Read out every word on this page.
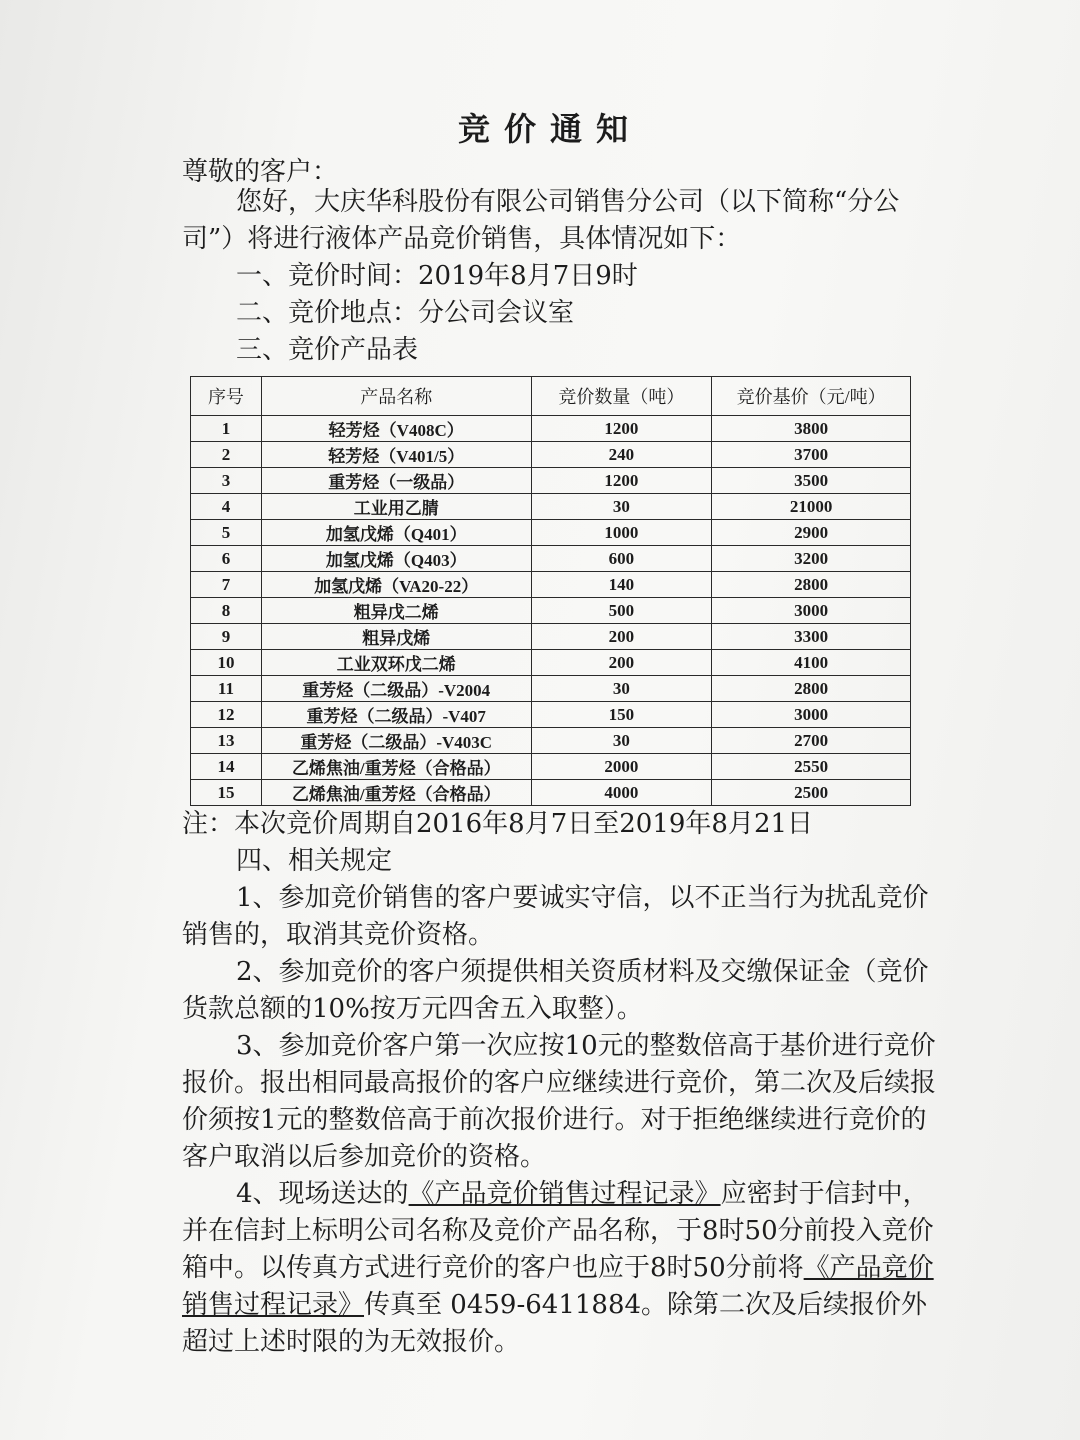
竞价通知

尊敬的客户：

您好，大庆华科股份有限公司销售分公司（以下简称“分公司”）将进行液体产品竞价销售，具体情况如下：

一、竞价时间：2019年8月7日9时

二、竞价地点：分公司会议室

三、竞价产品表

序号	产品名称	竞价数量（吨）	竞价基价（元/吨）
1	轻芳烃（V408C）	1200	3800
2	轻芳烃（V401/5）	240	3700
3	重芳烃（一级品）	1200	3500
4	工业用乙腈	30	21000
5	加氢戊烯（Q401）	1000	2900
6	加氢戊烯（Q403）	600	3200
7	加氢戊烯（VA20-22）	140	2800
8	粗异戊二烯	500	3000
9	粗异戊烯	200	3300
10	工业双环戊二烯	200	4100
11	重芳烃（二级品）-V2004	30	2800
12	重芳烃（二级品）-V407	150	3000
13	重芳烃（二级品）-V403C	30	2700
14	乙烯焦油/重芳烃（合格品）	2000	2550
15	乙烯焦油/重芳烃（合格品）	4000	2500

注：本次竞价周期自2016年8月7日至2019年8月21日

四、相关规定

1、参加竞价销售的客户要诚实守信，以不正当行为扰乱竞价销售的，取消其竞价资格。

2、参加竞价的客户须提供相关资质材料及交缴保证金（竞价货款总额的10%按万元四舍五入取整）。

3、参加竞价客户第一次应按10元的整数倍高于基价进行竞价报价。报出相同最高报价的客户应继续进行竞价，第二次及后续报价须按1元的整数倍高于前次报价进行。对于拒绝继续进行竞价的客户取消以后参加竞价的资格。

4、现场送达的《产品竞价销售过程记录》应密封于信封中，并在信封上标明公司名称及竞价产品名称，于8时50分前投入竞价箱中。以传真方式进行竞价的客户也应于8时50分前将《产品竞价销售过程记录》传真至 0459-6411884。除第二次及后续报价外超过上述时限的为无效报价。
